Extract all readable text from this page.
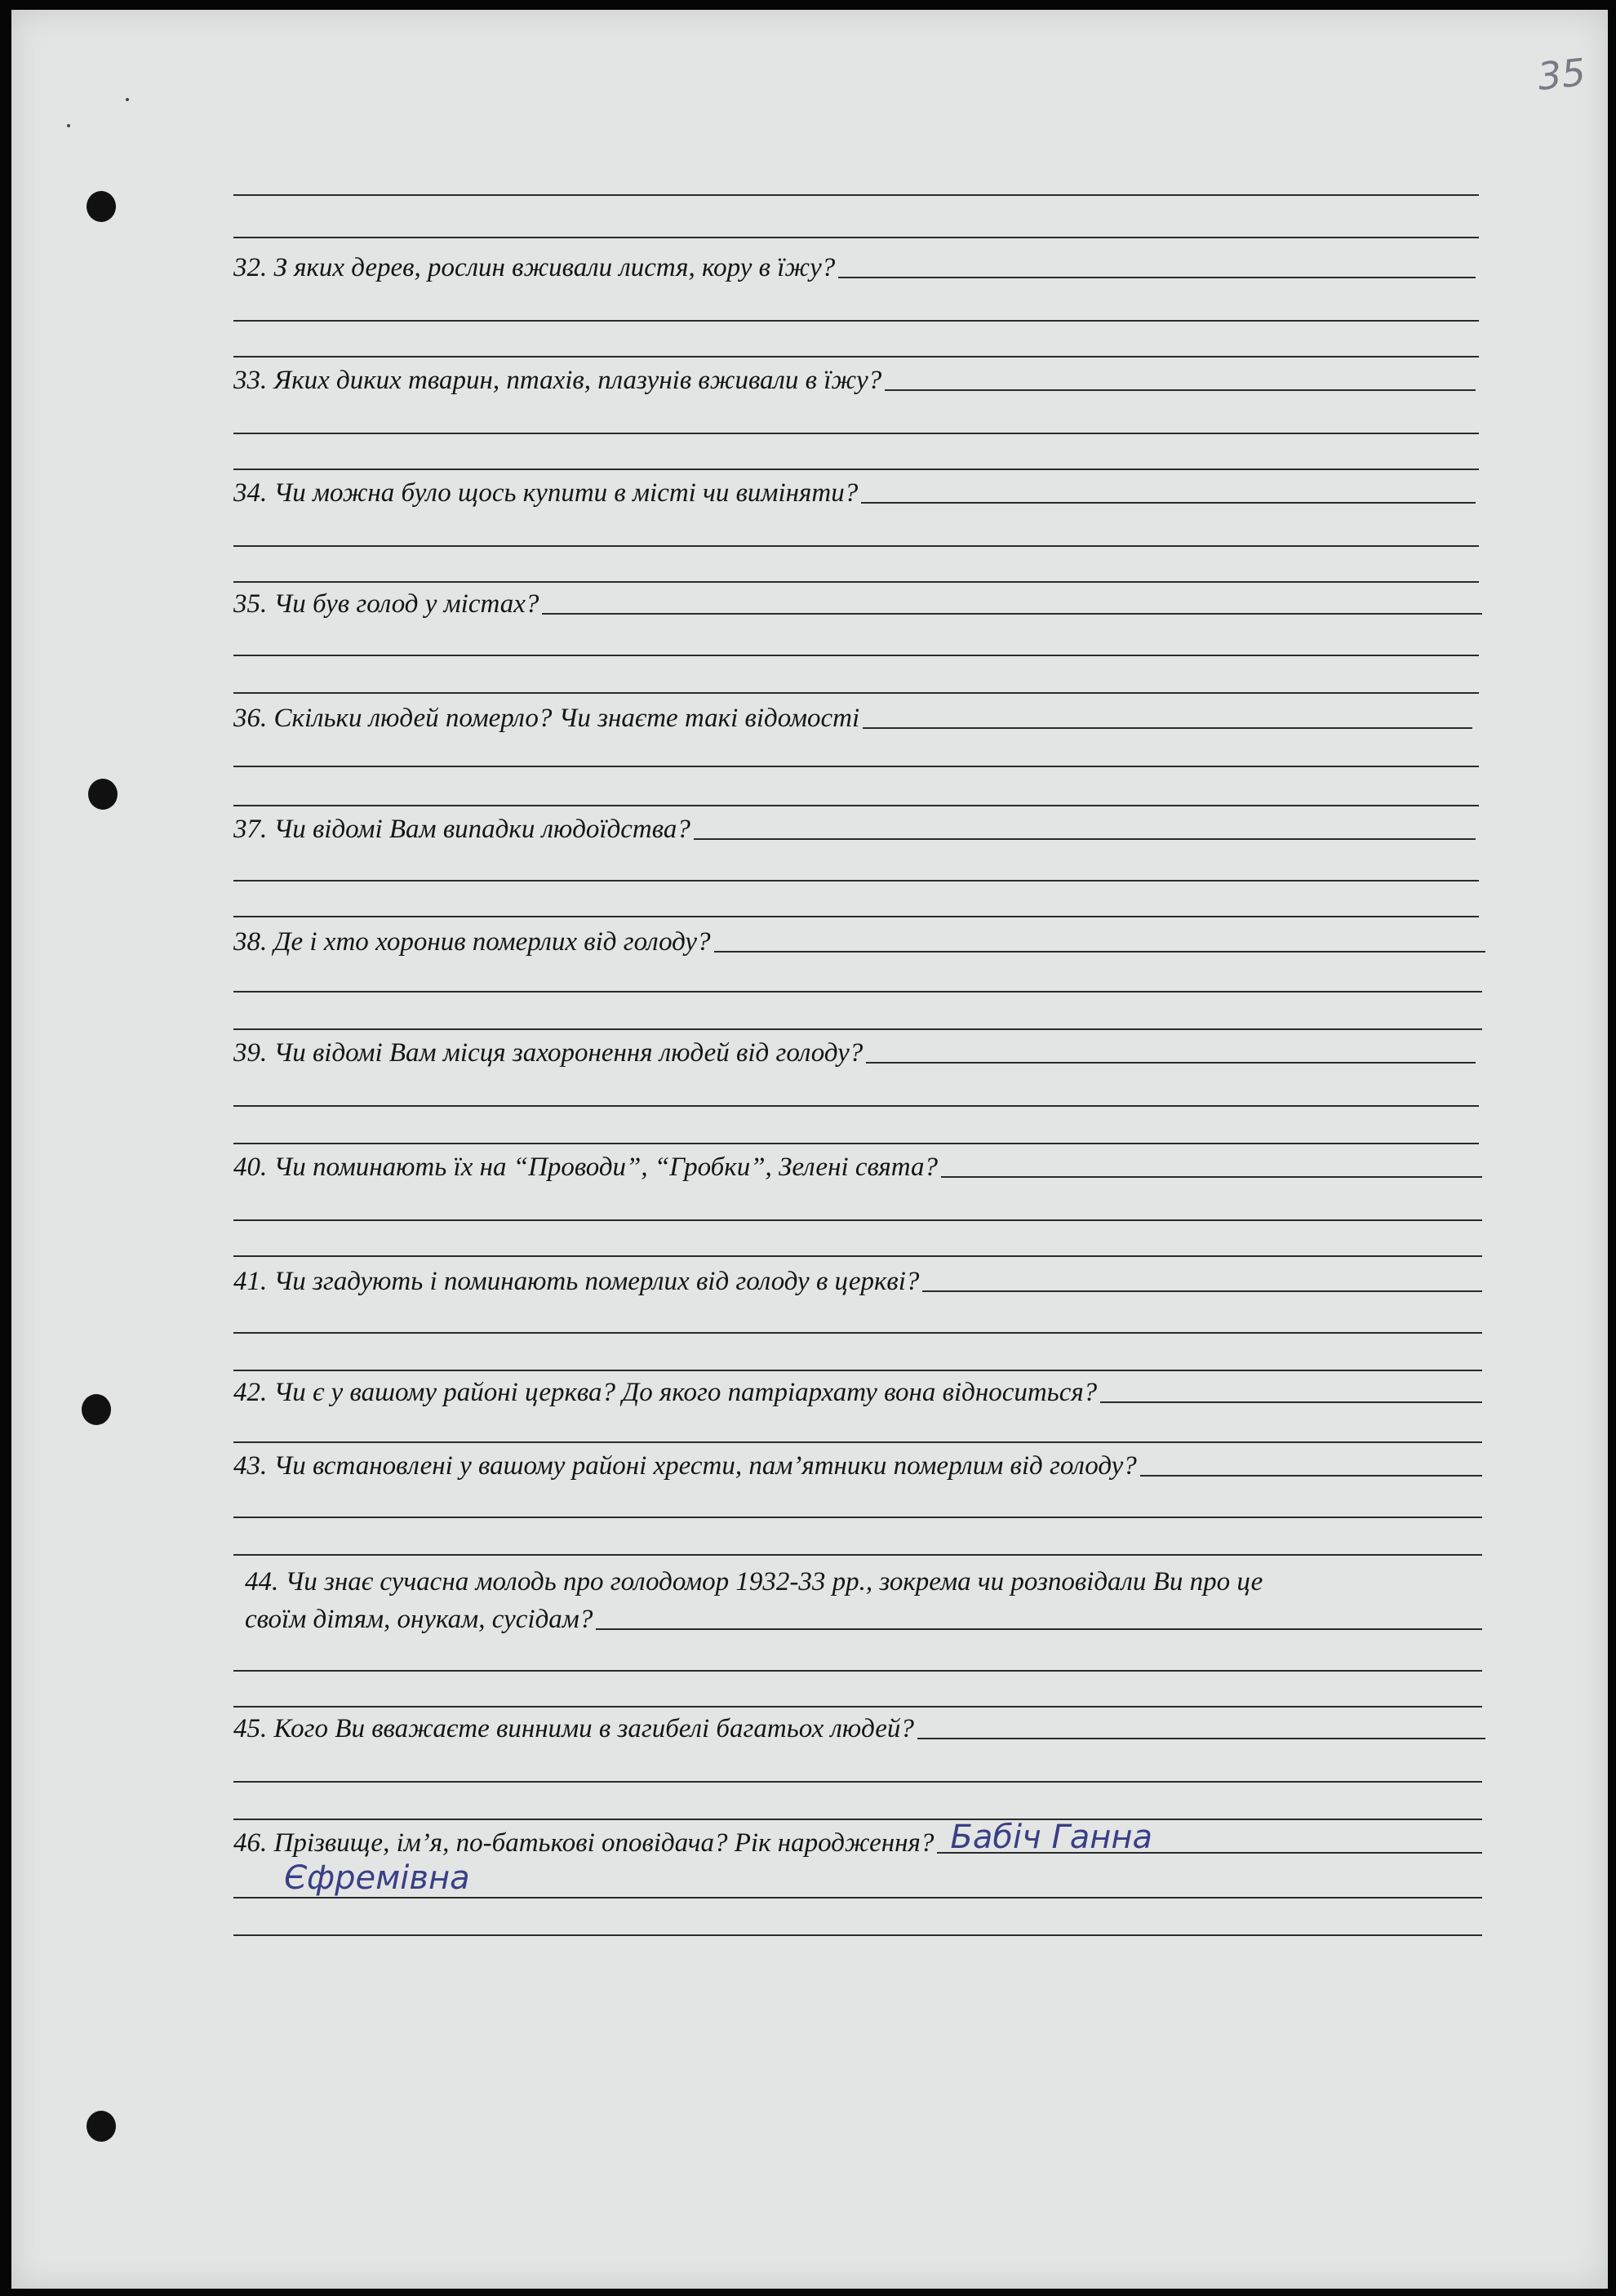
35
32. З яких дерев, рослин вживали листя, кору в їжу?
33. Яких диких тварин, птахів, плазунів вживали в їжу?
34. Чи можна було щось купити в місті чи виміняти?
35. Чи був голод у містах?
36. Скільки людей померло? Чи знаєте такі відомості
37. Чи відомі Вам випадки людоїдства?
38. Де і хто хоронив померлих від голоду?
39. Чи відомі Вам місця захоронення людей від голоду?
40. Чи поминають їх на “Проводи”, “Гробки”, Зелені свята?
41. Чи згадують і поминають померлих від голоду в церкві?
42. Чи є у вашому районі церква? До якого патріархату вона відноситься?
43. Чи встановлені у вашому районі хрести, пам’ятники померлим від голоду?
44. Чи знає сучасна молодь про голодомор 1932-33 рр., зокрема чи розповідали Ви про це
своїм дітям, онукам, сусідам?
45. Кого Ви вважаєте винними в загибелі багатьох людей?
46. Прізвище, ім’я, по-батькові оповідача? Рік народження? Бабіч Ганна
Єфремівна
